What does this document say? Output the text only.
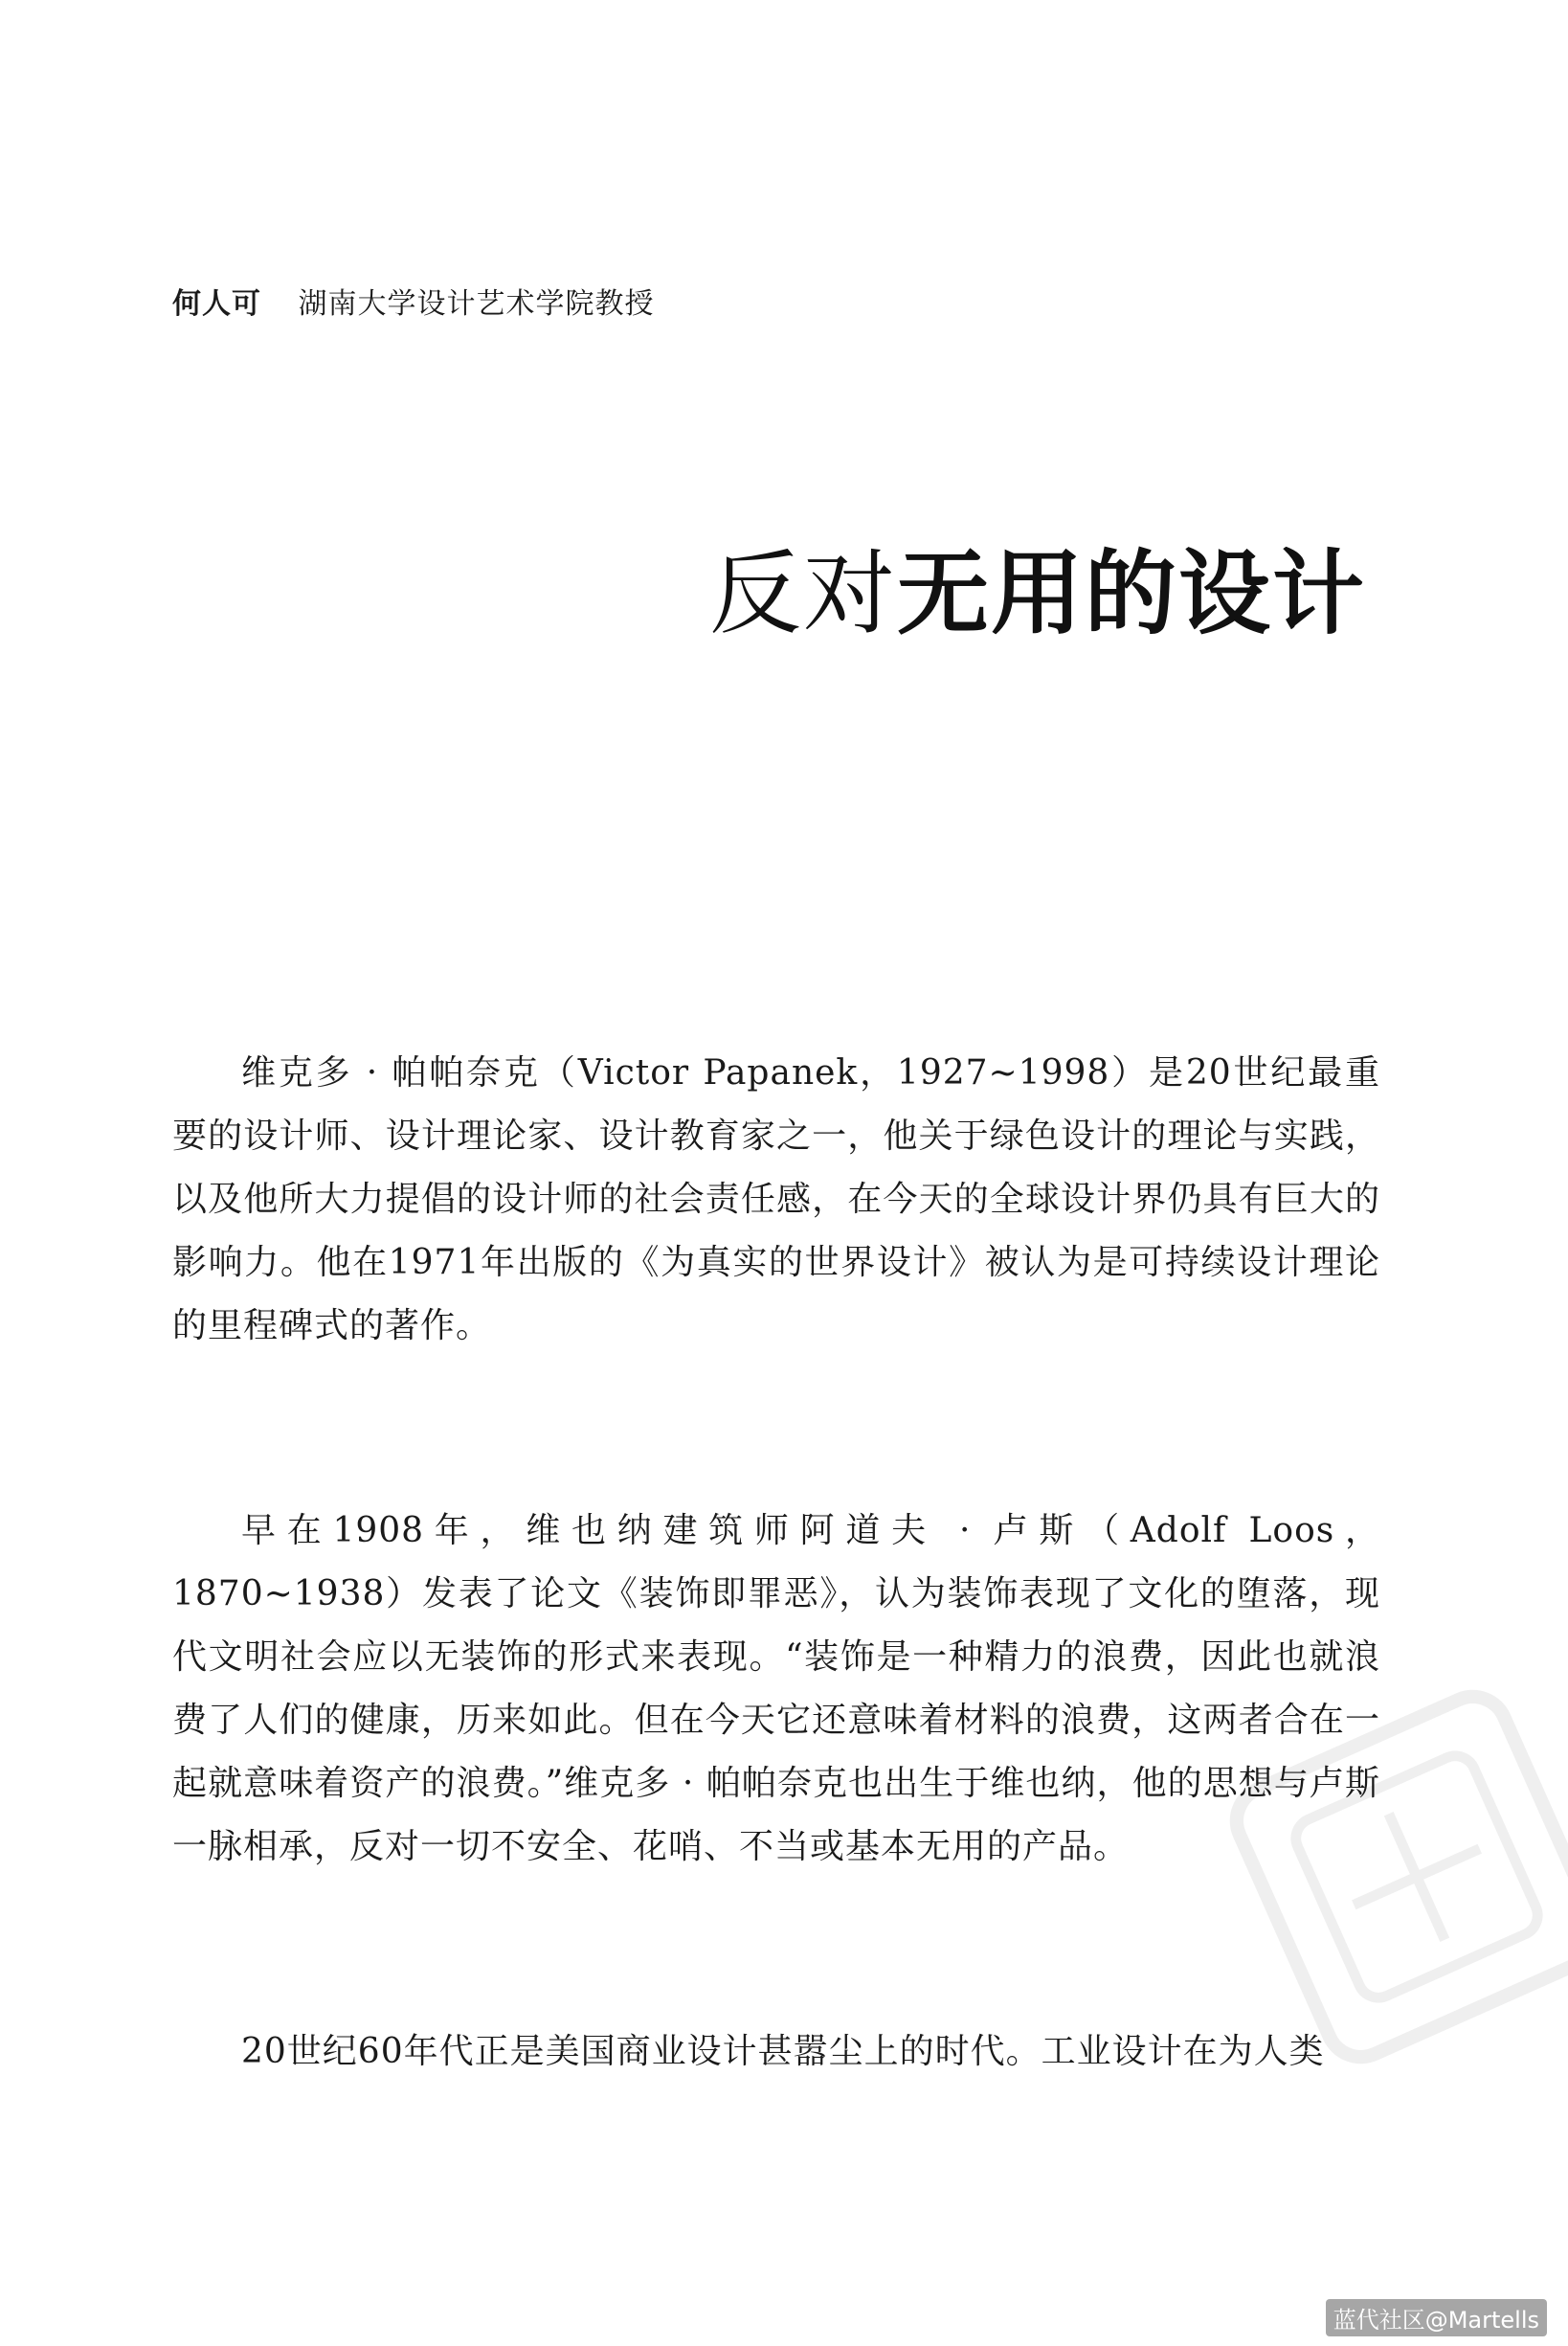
何人可 湖南大学设计艺术学院教授
反对无用的设计

维克多 · 帕帕奈克（Victor Papanek，1927~1998）是20世纪最重要的设计师、设计理论家、设计教育家之一，他关于绿色设计的理论与实践，以及他所大力提倡的设计师的社会责任感，在今天的全球设计界仍具有巨大的影响力。他在1971年出版的《为真实的世界设计》被认为是可持续设计理论的里程碑式的著作。

早在1908年，维也纳建筑师阿道夫 · 卢斯（Adolf Loos，1870~1938）发表了论文《装饰即罪恶》，认为装饰表现了文化的堕落，现代文明社会应以无装饰的形式来表现。“装饰是一种精力的浪费，因此也就浪费了人们的健康，历来如此。但在今天它还意味着材料的浪费，这两者合在一起就意味着资产的浪费。”维克多 · 帕帕奈克也出生于维也纳，他的思想与卢斯一脉相承，反对一切不安全、花哨、不当或基本无用的产品。

20世纪60年代正是美国商业设计甚嚣尘上的时代。工业设计在为人类

蓝代社区@Martells
